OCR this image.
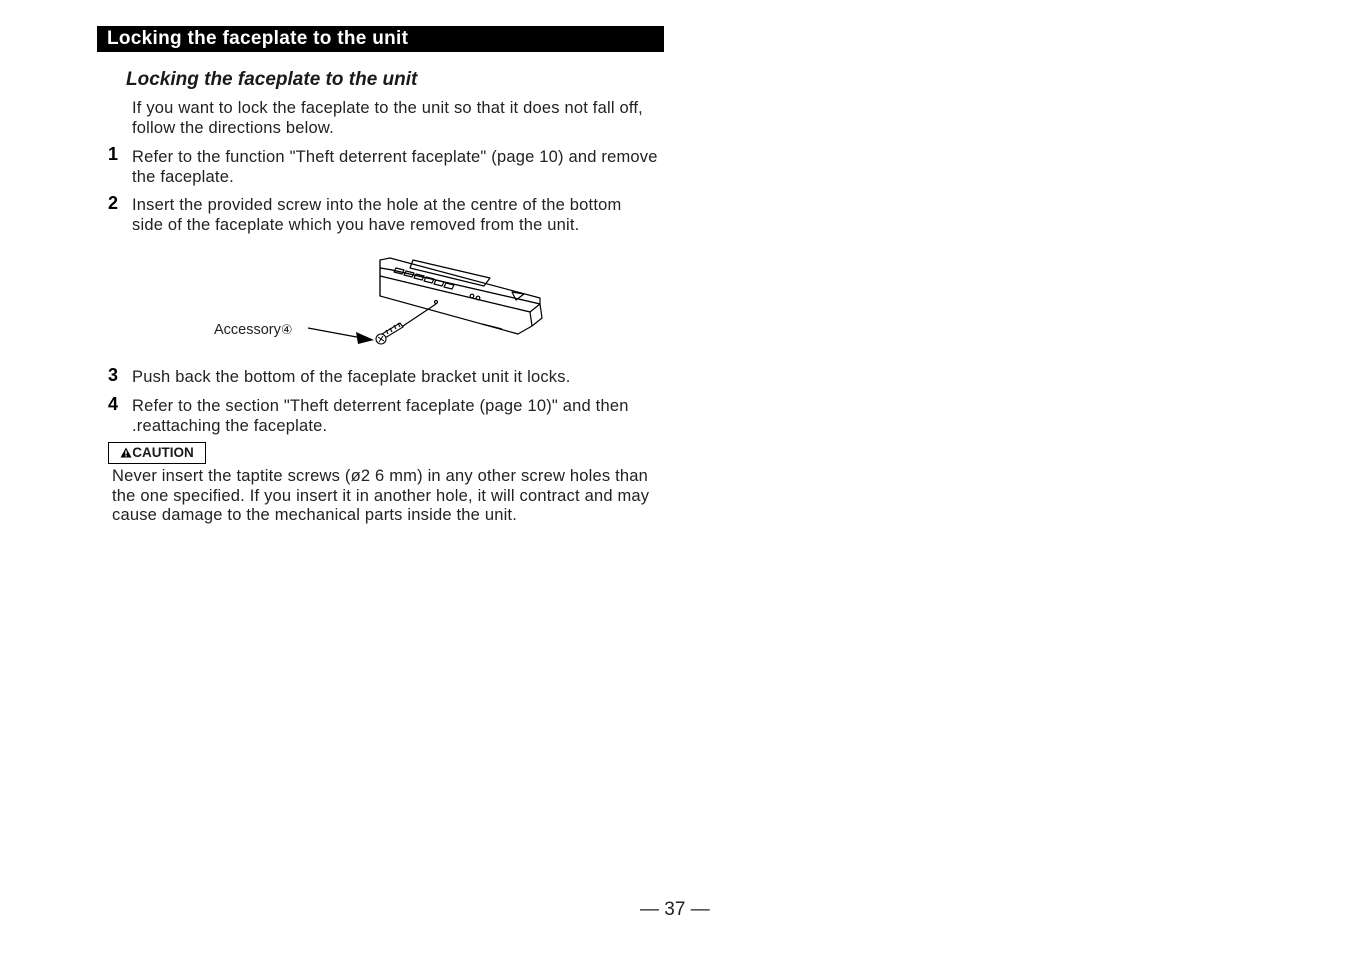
Locking the faceplate to the unit
Locking the faceplate to the unit
If you want to lock the faceplate to the unit so that it does not fall off, follow the directions below.
1 Refer to the function "Theft deterrent faceplate" (page 10) and remove the faceplate.
2 Insert the provided screw into the hole at the centre of the bottom side of the faceplate which you have removed from the unit.
Accessory④
3 Push back the bottom of the faceplate bracket unit it locks.
4 Refer to the section "Theft deterrent faceplate (page 10)" and then .reattaching the faceplate.
CAUTION
Never insert the taptite screws (ø2 6 mm) in any other screw holes than the one specified. If you insert it in another hole, it will contract and may cause damage to the mechanical parts inside the unit.
— 37 —
